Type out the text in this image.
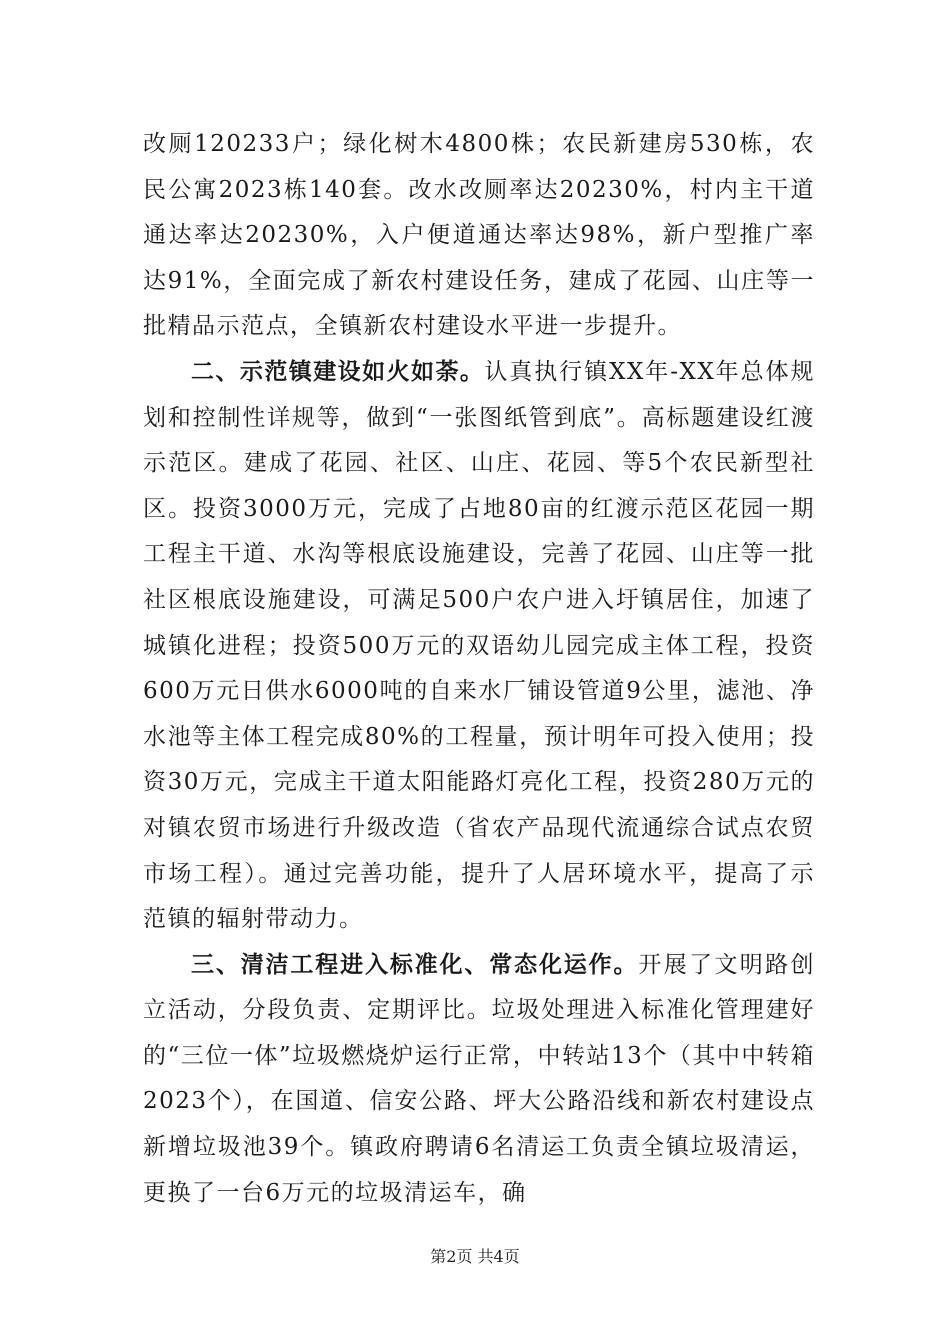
改厕120233户；绿化树木4800株；农民新建房530栋，农民公寓2023栋140套。改水改厕率达20230%，村内主干道通达率达20230%，入户便道通达率达98%，新户型推广率达91%，全面完成了新农村建设任务，建成了花园、山庄等一批精品示范点，全镇新农村建设水平进一步提升。

二、示范镇建设如火如荼。认真执行镇XX年-XX年总体规划和控制性详规等，做到“一张图纸管到底”。高标题建设红渡示范区。建成了花园、社区、山庄、花园、等5个农民新型社区。投资3000万元，完成了占地80亩的红渡示范区花园一期工程主干道、水沟等根底设施建设，完善了花园、山庄等一批社区根底设施建设，可满足500户农户进入圩镇居住，加速了城镇化进程；投资500万元的双语幼儿园完成主体工程，投资600万元日供水6000吨的自来水厂铺设管道9公里，滤池、净水池等主体工程完成80%的工程量，预计明年可投入使用；投资30万元，完成主干道太阳能路灯亮化工程，投资280万元的对镇农贸市场进行升级改造（省农产品现代流通综合试点农贸市场工程）。通过完善功能，提升了人居环境水平，提高了示范镇的辐射带动力。

三、清洁工程进入标准化、常态化运作。开展了文明路创立活动，分段负责、定期评比。垃圾处理进入标准化管理建好的“三位一体”垃圾燃烧炉运行正常，中转站13个（其中中转箱2023个），在国道、信安公路、坪大公路沿线和新农村建设点新增垃圾池39个。镇政府聘请6名清运工负责全镇垃圾清运，更换了一台6万元的垃圾清运车，确

第2页 共4页
